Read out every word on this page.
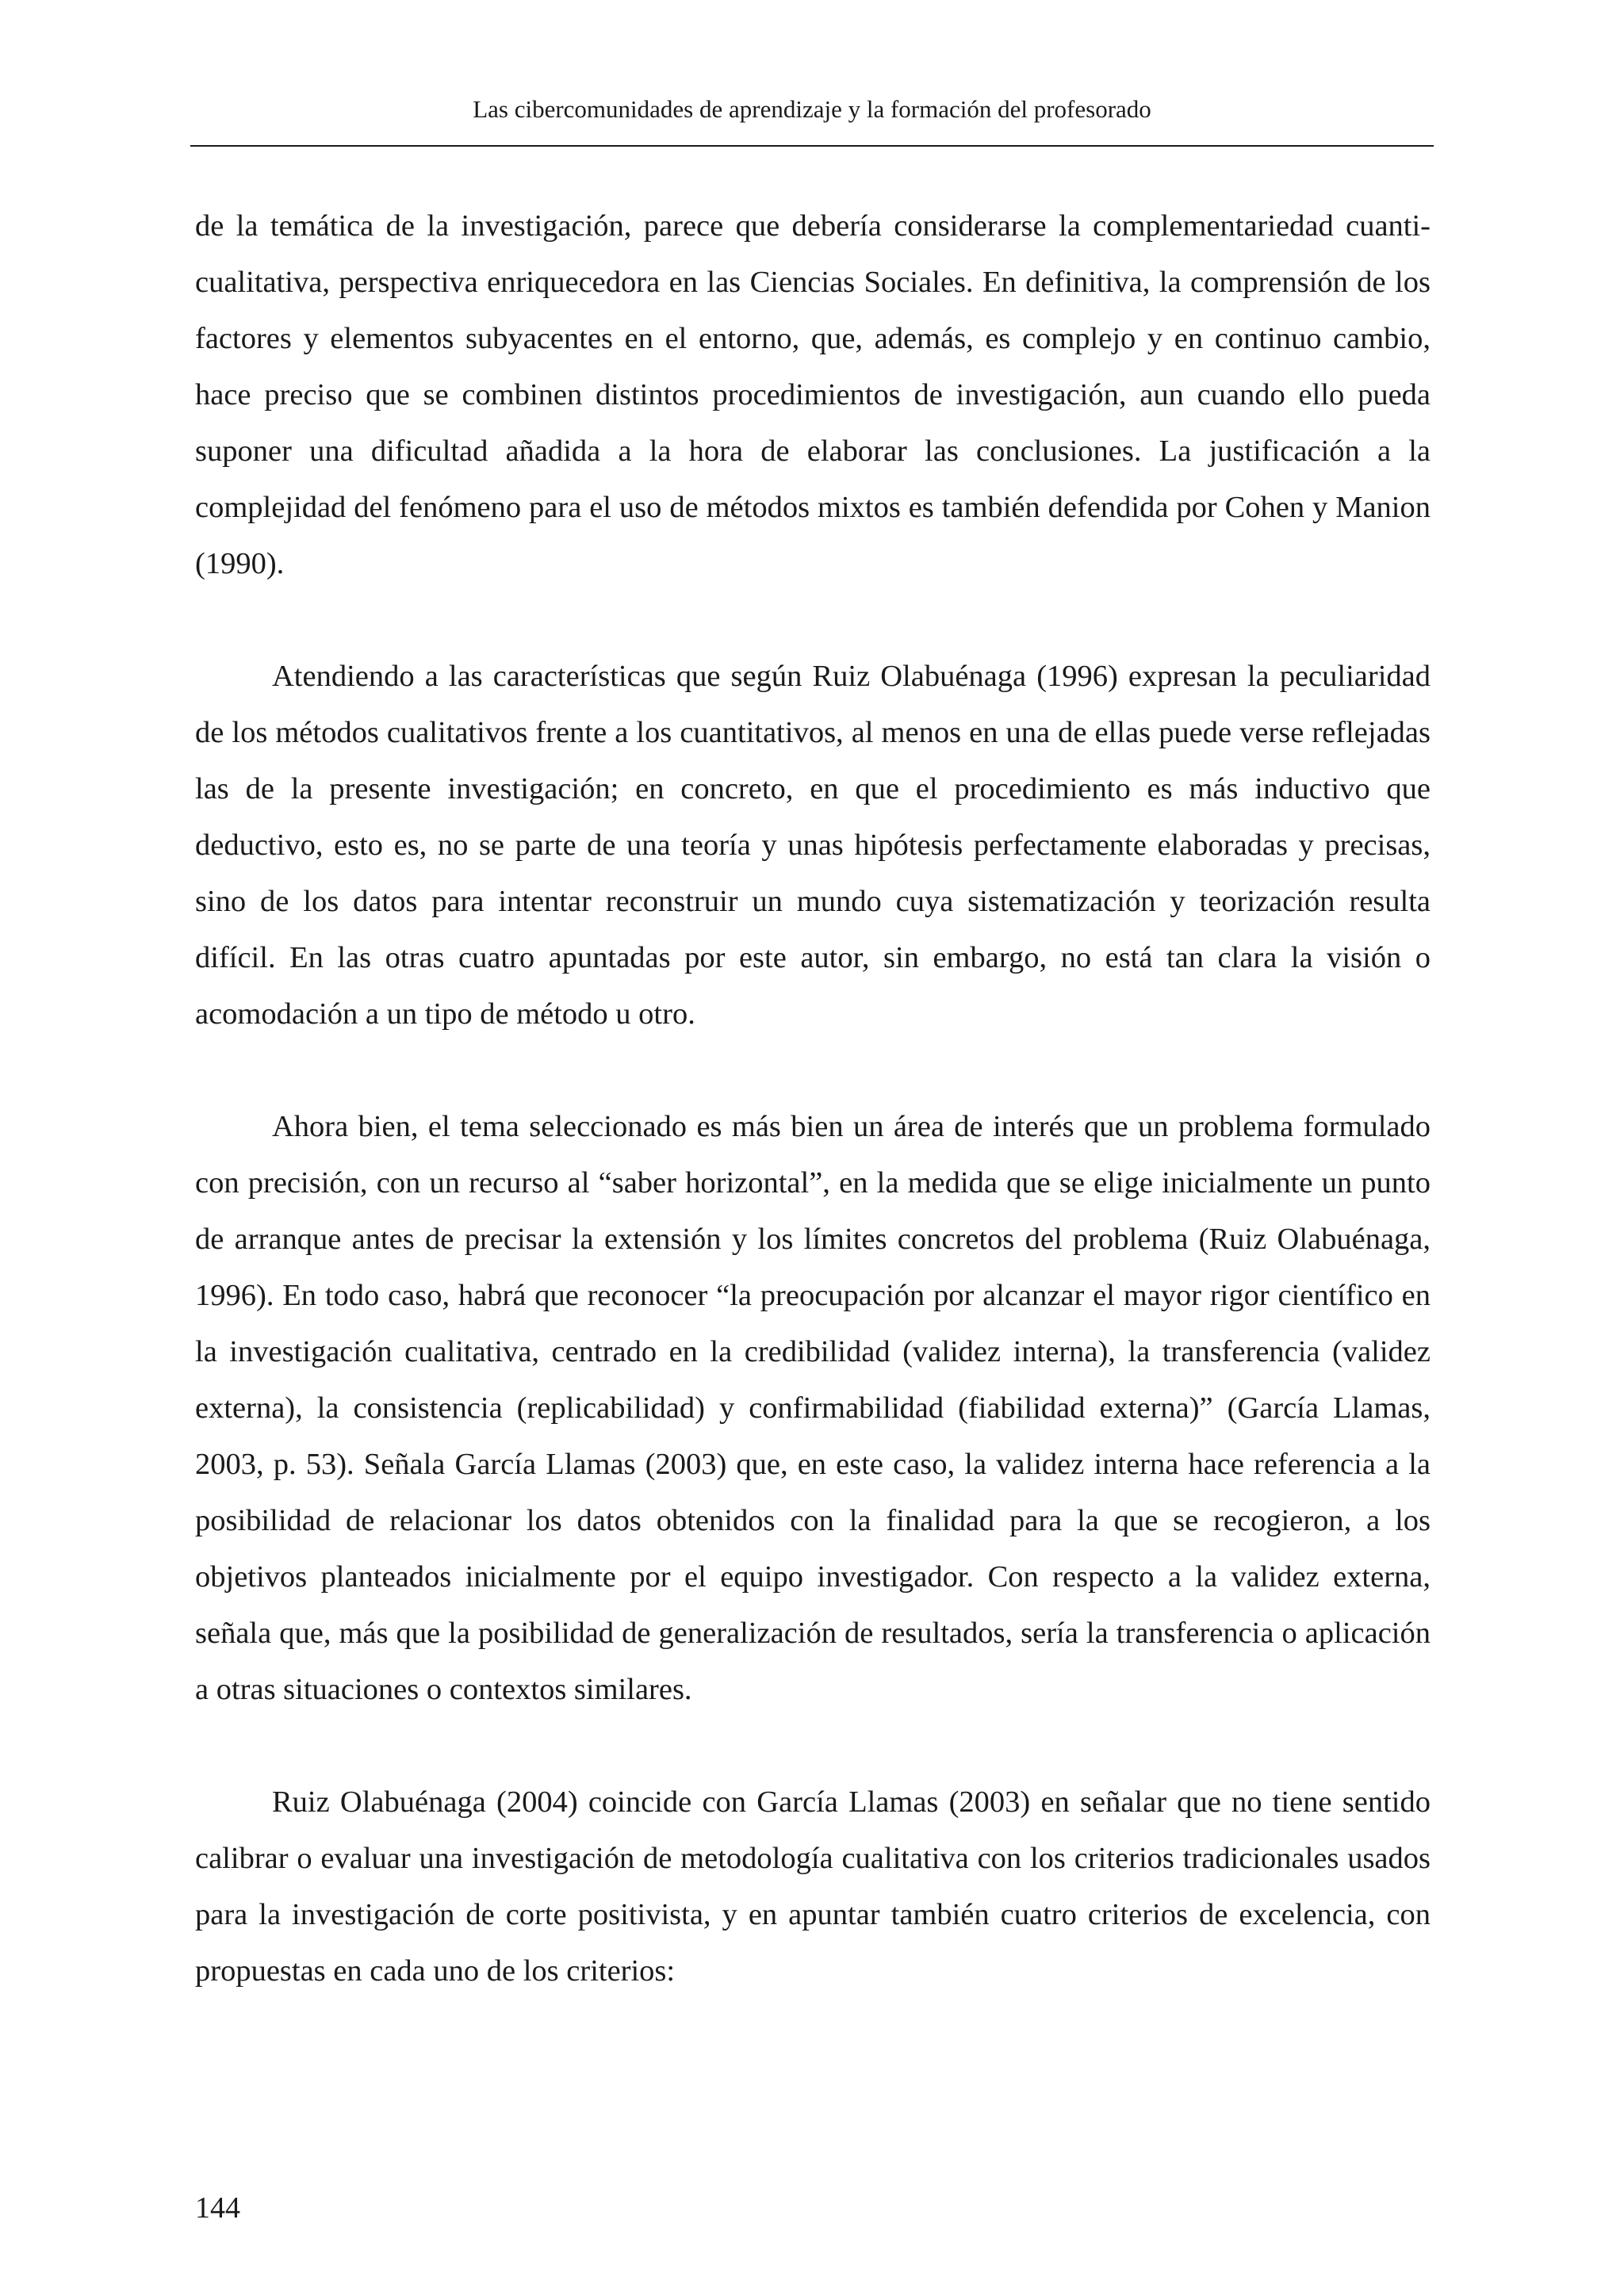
Las cibercomunidades de aprendizaje y la formación del profesorado

de la temática de la investigación, parece que debería considerarse la complementariedad cuanti-cualitativa, perspectiva enriquecedora en las Ciencias Sociales. En definitiva, la comprensión de los factores y elementos subyacentes en el entorno, que, además, es complejo y en continuo cambio, hace preciso que se combinen distintos procedimientos de investigación, aun cuando ello pueda suponer una dificultad añadida a la hora de elaborar las conclusiones. La justificación a la complejidad del fenómeno para el uso de métodos mixtos es también defendida por Cohen y Manion (1990).

Atendiendo a las características que según Ruiz Olabuénaga (1996) expresan la peculiaridad de los métodos cualitativos frente a los cuantitativos, al menos en una de ellas puede verse reflejadas las de la presente investigación; en concreto, en que el procedimiento es más inductivo que deductivo, esto es, no se parte de una teoría y unas hipótesis perfectamente elaboradas y precisas, sino de los datos para intentar reconstruir un mundo cuya sistematización y teorización resulta difícil. En las otras cuatro apuntadas por este autor, sin embargo, no está tan clara la visión o acomodación a un tipo de método u otro.

Ahora bien, el tema seleccionado es más bien un área de interés que un problema formulado con precisión, con un recurso al “saber horizontal”, en la medida que se elige inicialmente un punto de arranque antes de precisar la extensión y los límites concretos del problema (Ruiz Olabuénaga, 1996). En todo caso, habrá que reconocer “la preocupación por alcanzar el mayor rigor científico en la investigación cualitativa, centrado en la credibilidad (validez interna), la transferencia (validez externa), la consistencia (replicabilidad) y confirmabilidad (fiabilidad externa)” (García Llamas, 2003, p. 53). Señala García Llamas (2003) que, en este caso, la validez interna hace referencia a la posibilidad de relacionar los datos obtenidos con la finalidad para la que se recogieron, a los objetivos planteados inicialmente por el equipo investigador. Con respecto a la validez externa, señala que, más que la posibilidad de generalización de resultados, sería la transferencia o aplicación a otras situaciones o contextos similares.

Ruiz Olabuénaga (2004) coincide con García Llamas (2003) en señalar que no tiene sentido calibrar o evaluar una investigación de metodología cualitativa con los criterios tradicionales usados para la investigación de corte positivista, y en apuntar también cuatro criterios de excelencia, con propuestas en cada uno de los criterios:

144
